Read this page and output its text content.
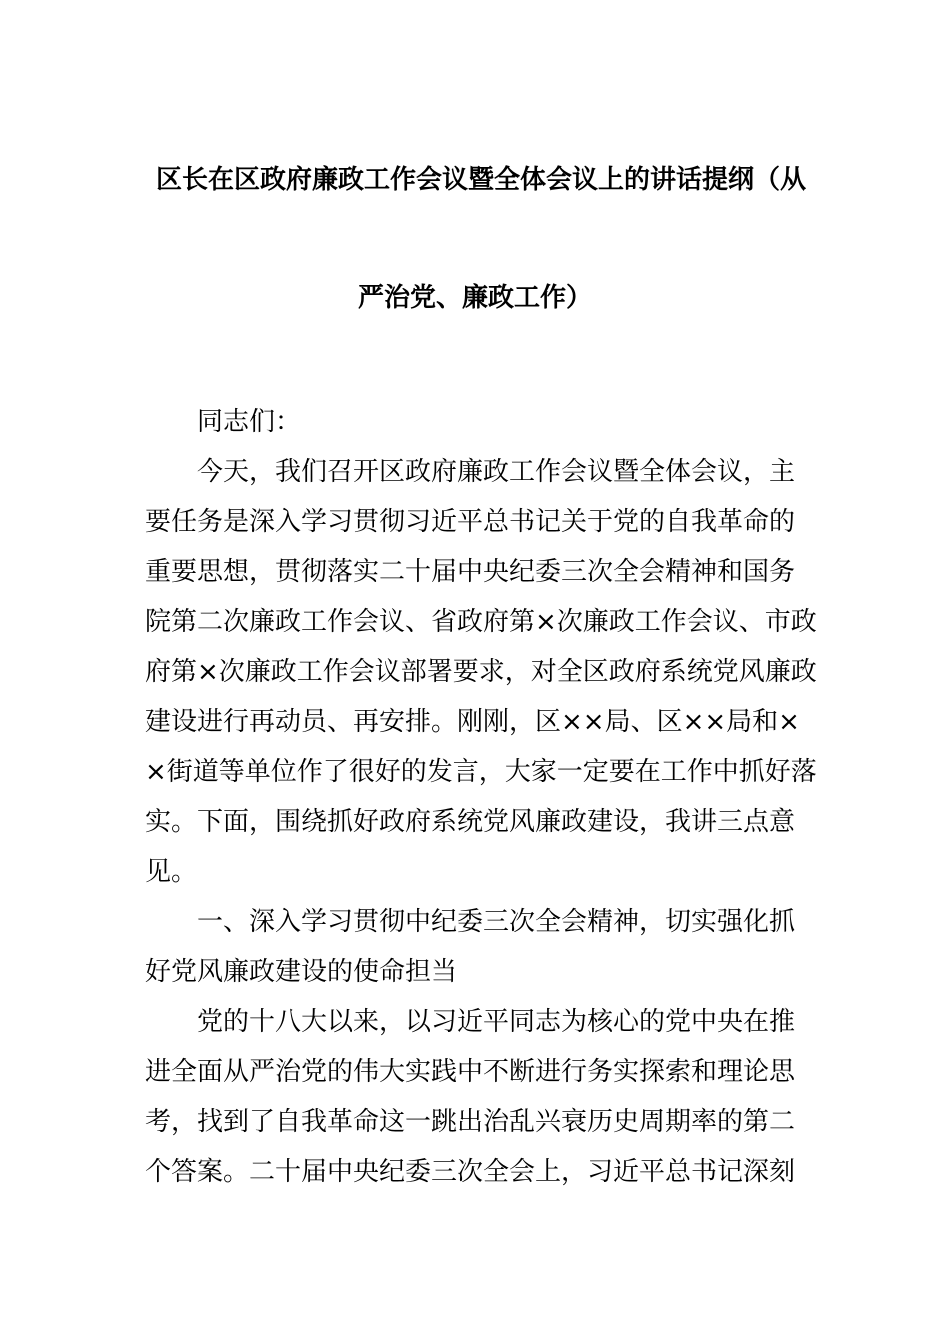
区长在区政府廉政工作会议暨全体会议上的讲话提纲（从
严治党、廉政工作）
同志们：
今天，我们召开区政府廉政工作会议暨全体会议，主
要任务是深入学习贯彻习近平总书记关于党的自我革命的
重要思想，贯彻落实二十届中央纪委三次全会精神和国务
院第二次廉政工作会议、省政府第×次廉政工作会议、市政
府第×次廉政工作会议部署要求，对全区政府系统党风廉政
建设进行再动员、再安排。刚刚，区××局、区××局和×
×街道等单位作了很好的发言，大家一定要在工作中抓好落
实。下面，围绕抓好政府系统党风廉政建设，我讲三点意
见。
一、深入学习贯彻中纪委三次全会精神，切实强化抓
好党风廉政建设的使命担当
党的十八大以来，以习近平同志为核心的党中央在推
进全面从严治党的伟大实践中不断进行务实探索和理论思
考，找到了自我革命这一跳出治乱兴衰历史周期率的第二
个答案。二十届中央纪委三次全会上，习近平总书记深刻
